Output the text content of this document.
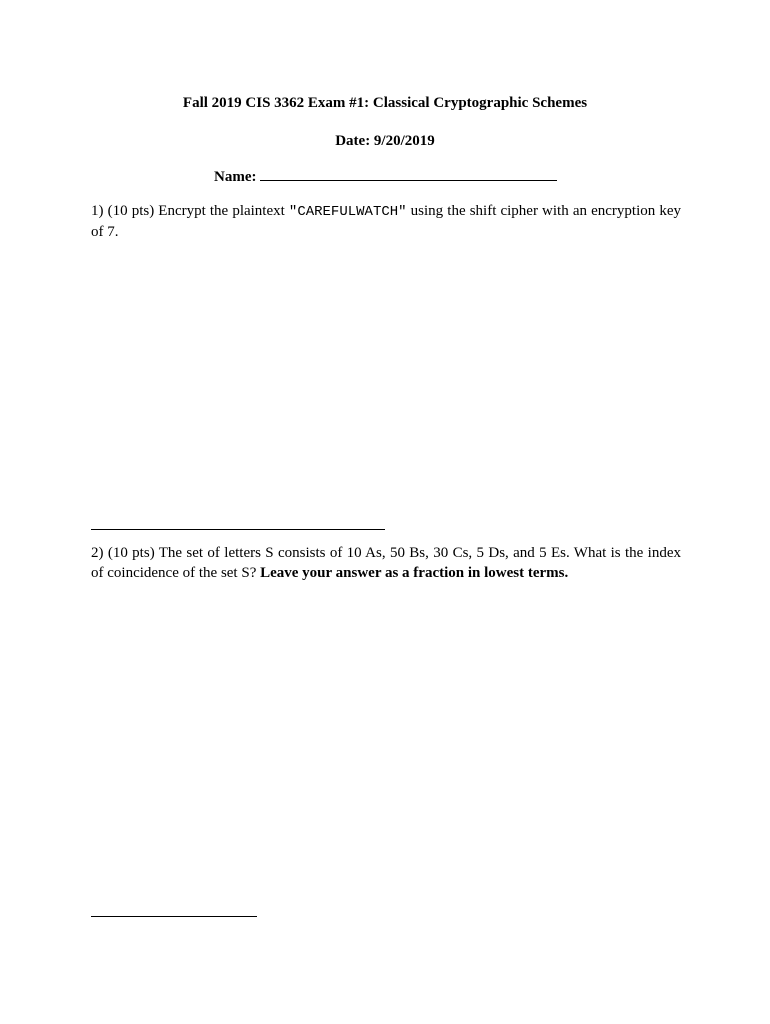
Fall 2019 CIS 3362 Exam #1: Classical Cryptographic Schemes
Date: 9/20/2019
Name:
1) (10 pts) Encrypt the plaintext "CAREFULWATCH" using the shift cipher with an encryption key of 7.
2) (10 pts) The set of letters S consists of 10 As, 50 Bs, 30 Cs, 5 Ds, and 5 Es. What is the index of coincidence of the set S? Leave your answer as a fraction in lowest terms.
